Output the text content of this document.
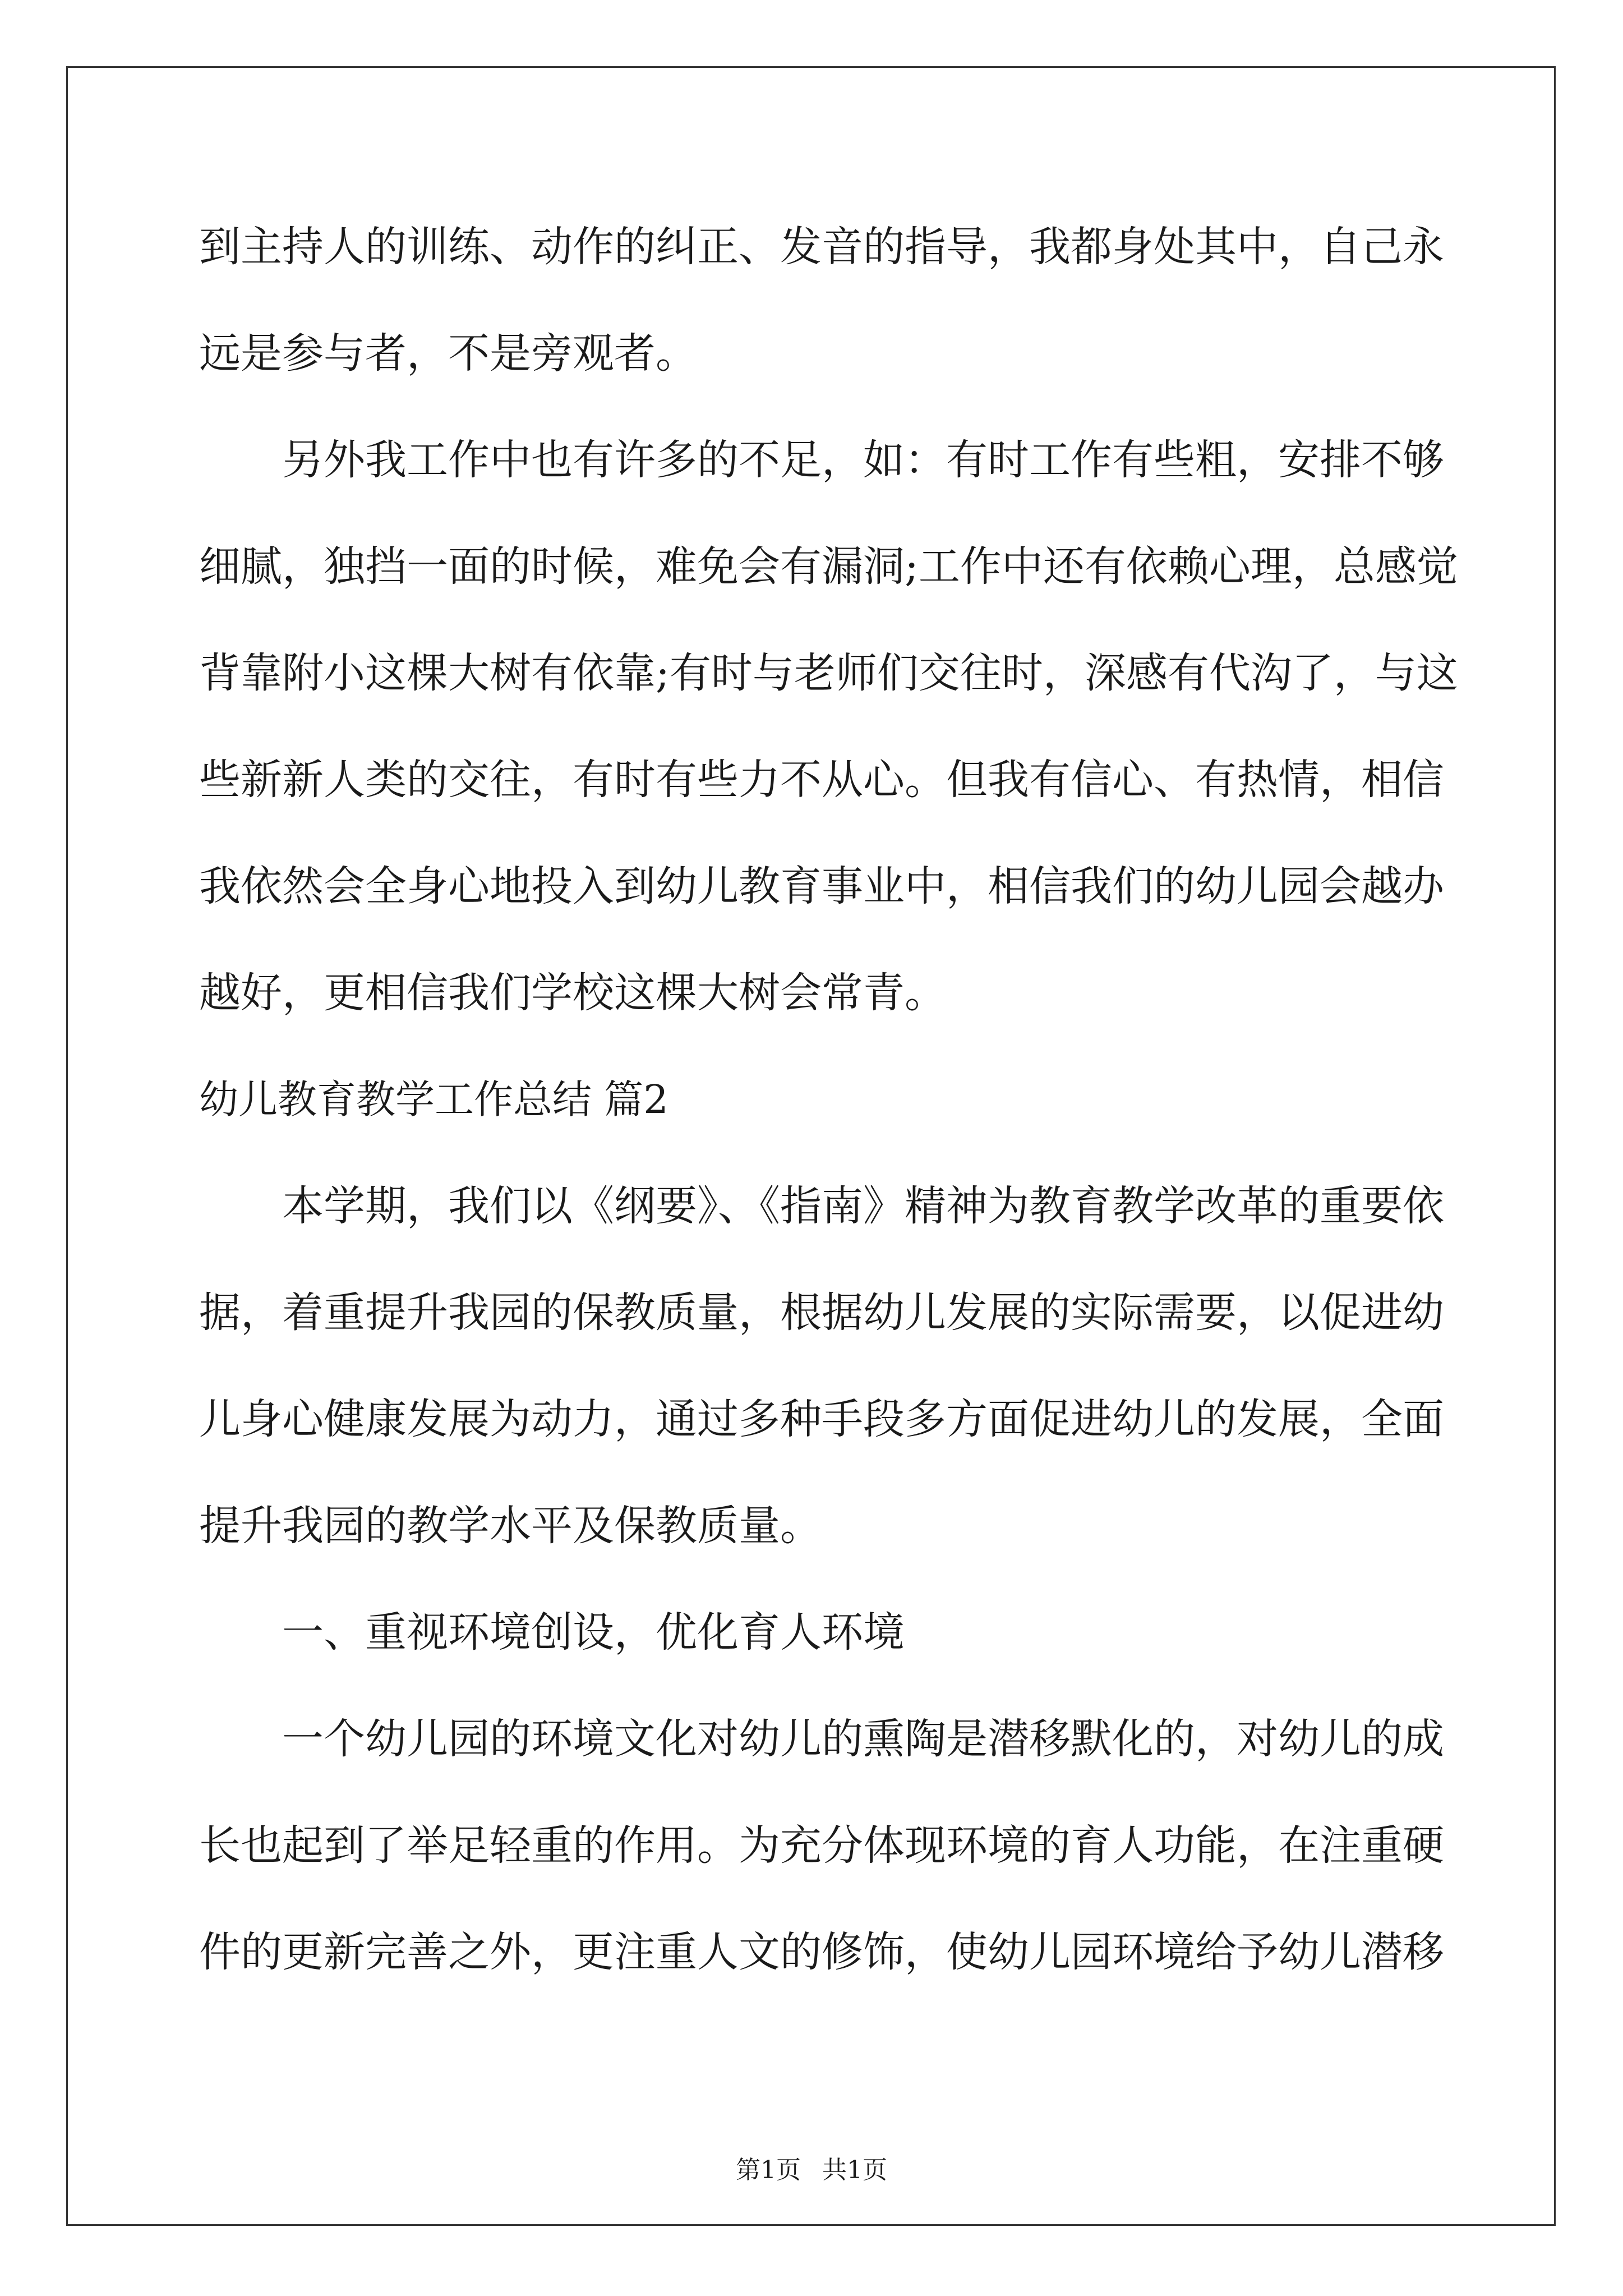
到主持人的训练、动作的纠正、发音的指导，我都身处其中，自己永
远是参与者，不是旁观者。
另外我工作中也有许多的不足，如：有时工作有些粗，安排不够
细腻，独挡一面的时候，难免会有漏洞;工作中还有依赖心理，总感觉
背靠附小这棵大树有依靠;有时与老师们交往时，深感有代沟了，与这
些新新人类的交往，有时有些力不从心。但我有信心、有热情，相信
我依然会全身心地投入到幼儿教育事业中，相信我们的幼儿园会越办
越好，更相信我们学校这棵大树会常青。
幼儿教育教学工作总结 篇2
本学期，我们以《纲要》、《指南》精神为教育教学改革的重要依
据，着重提升我园的保教质量，根据幼儿发展的实际需要，以促进幼
儿身心健康发展为动力，通过多种手段多方面促进幼儿的发展，全面
提升我园的教学水平及保教质量。
一、重视环境创设，优化育人环境
一个幼儿园的环境文化对幼儿的熏陶是潜移默化的，对幼儿的成
长也起到了举足轻重的作用。为充分体现环境的育人功能，在注重硬
件的更新完善之外，更注重人文的修饰，使幼儿园环境给予幼儿潜移
第1页 共1页
